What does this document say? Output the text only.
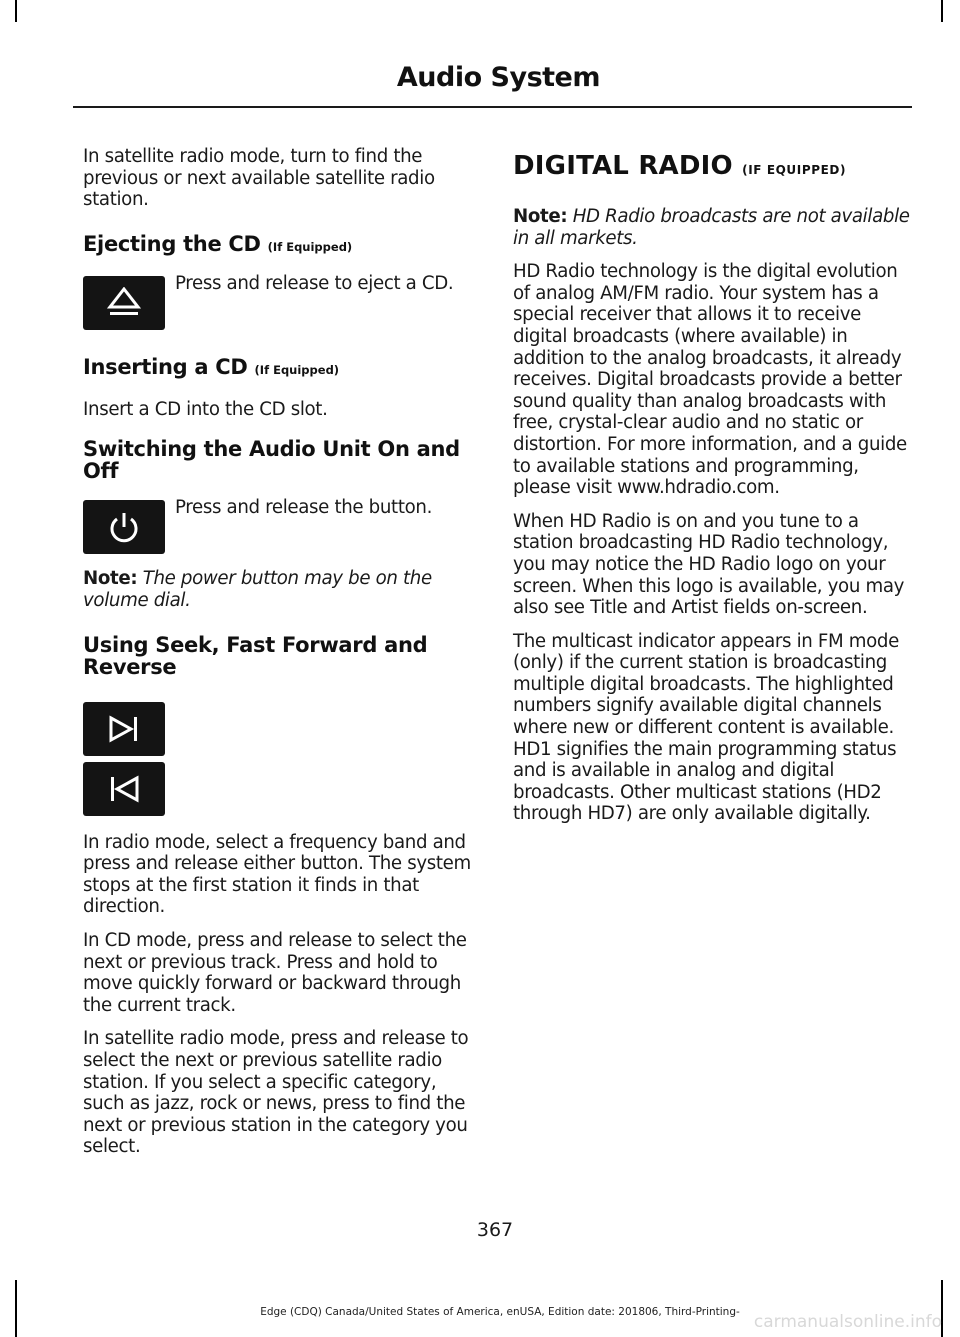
Audio System

In satellite radio mode, turn to find the previous or next available satellite radio station.

Ejecting the CD (If Equipped)
Press and release to eject a CD.
Inserting a CD (If Equipped)

Insert a CD into the CD slot.

Switching the Audio Unit On and Off
Press and release the button.

Note: The power button may be on the volume dial.

Using Seek, Fast Forward and Reverse

In radio mode, select a frequency band and press and release either button. The system stops at the first station it finds in that direction.

In CD mode, press and release to select the next or previous track. Press and hold to move quickly forward or backward through the current track.

In satellite radio mode, press and release to select the next or previous satellite radio station. If you select a specific category, such as jazz, rock or news, press to find the next or previous station in the category you select.

DIGITAL RADIO (IF EQUIPPED)

Note: HD Radio broadcasts are not available in all markets.

HD Radio technology is the digital evolution of analog AM/FM radio. Your system has a special receiver that allows it to receive digital broadcasts (where available) in addition to the analog broadcasts, it already receives. Digital broadcasts provide a better sound quality than analog broadcasts with free, crystal-clear audio and no static or distortion. For more information, and a guide to available stations and programming, please visit www.hdradio.com.

When HD Radio is on and you tune to a station broadcasting HD Radio technology, you may notice the HD Radio logo on your screen. When this logo is available, you may also see Title and Artist fields on-screen.

The multicast indicator appears in FM mode (only) if the current station is broadcasting multiple digital broadcasts. The highlighted numbers signify available digital channels where new or different content is available. HD1 signifies the main programming status and is available in analog and digital broadcasts. Other multicast stations (HD2 through HD7) are only available digitally.

367
Edge (CDQ) Canada/United States of America, enUSA, Edition date: 201806, Third-Printing- carmanualsonline.info
